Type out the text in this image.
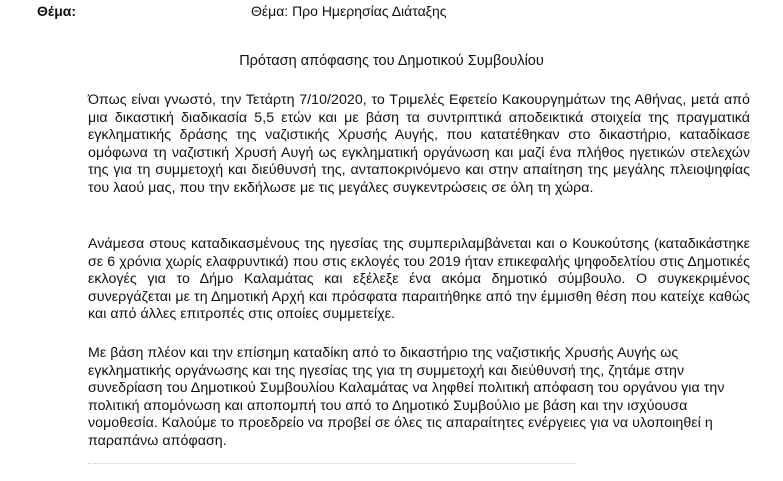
Θέμα:	Θέμα: Προ Ημερησίας Διάταξης
Πρόταση απόφασης του Δημοτικού Συμβουλίου

Όπως είναι γνωστό, την Τετάρτη 7/10/2020, το Τριμελές Εφετείο Κακουργημάτων της Αθήνας, μετά από μια δικαστική διαδικασία 5,5 ετών και με βάση τα συντριπτικά αποδεικτικά στοιχεία της πραγματικά εγκληματικής δράσης της ναζιστικής Χρυσής Αυγής, που κατατέθηκαν στο δικαστήριο, καταδίκασε ομόφωνα τη ναζιστική Χρυσή Αυγή ως εγκληματική οργάνωση και μαζί ένα πλήθος ηγετικών στελεχών της για τη συμμετοχή και διεύθυνσή της, ανταποκρινόμενο και στην απαίτηση της μεγάλης πλειοψηφίας του λαού μας, που την εκδήλωσε με τις μεγάλες συγκεντρώσεις σε όλη τη χώρα.

Ανάμεσα στους καταδικασμένους της ηγεσίας της συμπεριλαμβάνεται και ο Κουκούτσης (καταδικάστηκε σε 6 χρόνια χωρίς ελαφρυντικά) που στις εκλογές του 2019 ήταν επικεφαλής ψηφοδελτίου στις Δημοτικές εκλογές για το Δήμο Καλαμάτας και εξέλεξε ένα ακόμα δημοτικό σύμβουλο. Ο συγκεκριμένος συνεργάζεται με τη Δημοτική Αρχή και πρόσφατα παραιτήθηκε από την έμμισθη θέση που κατείχε καθώς και από άλλες επιτροπές στις οποίες συμμετείχε.

Με βάση πλέον και την επίσημη καταδίκη από το δικαστήριο της ναζιστικής Χρυσής Αυγής ως εγκληματικής οργάνωσης και της ηγεσίας της για τη συμμετοχή και διεύθυνσή της, ζητάμε στην συνεδρίαση του Δημοτικού Συμβουλίου Καλαμάτας να ληφθεί πολιτική απόφαση του οργάνου για την πολιτική απομόνωση και αποπομπή του από το Δημοτικό Συμβούλιο με βάση και την ισχύουσα νομοθεσία. Καλούμε το προεδρείο να προβεί σε όλες τις απαραίτητες ενέργειες για να υλοποιηθεί η παραπάνω απόφαση.
